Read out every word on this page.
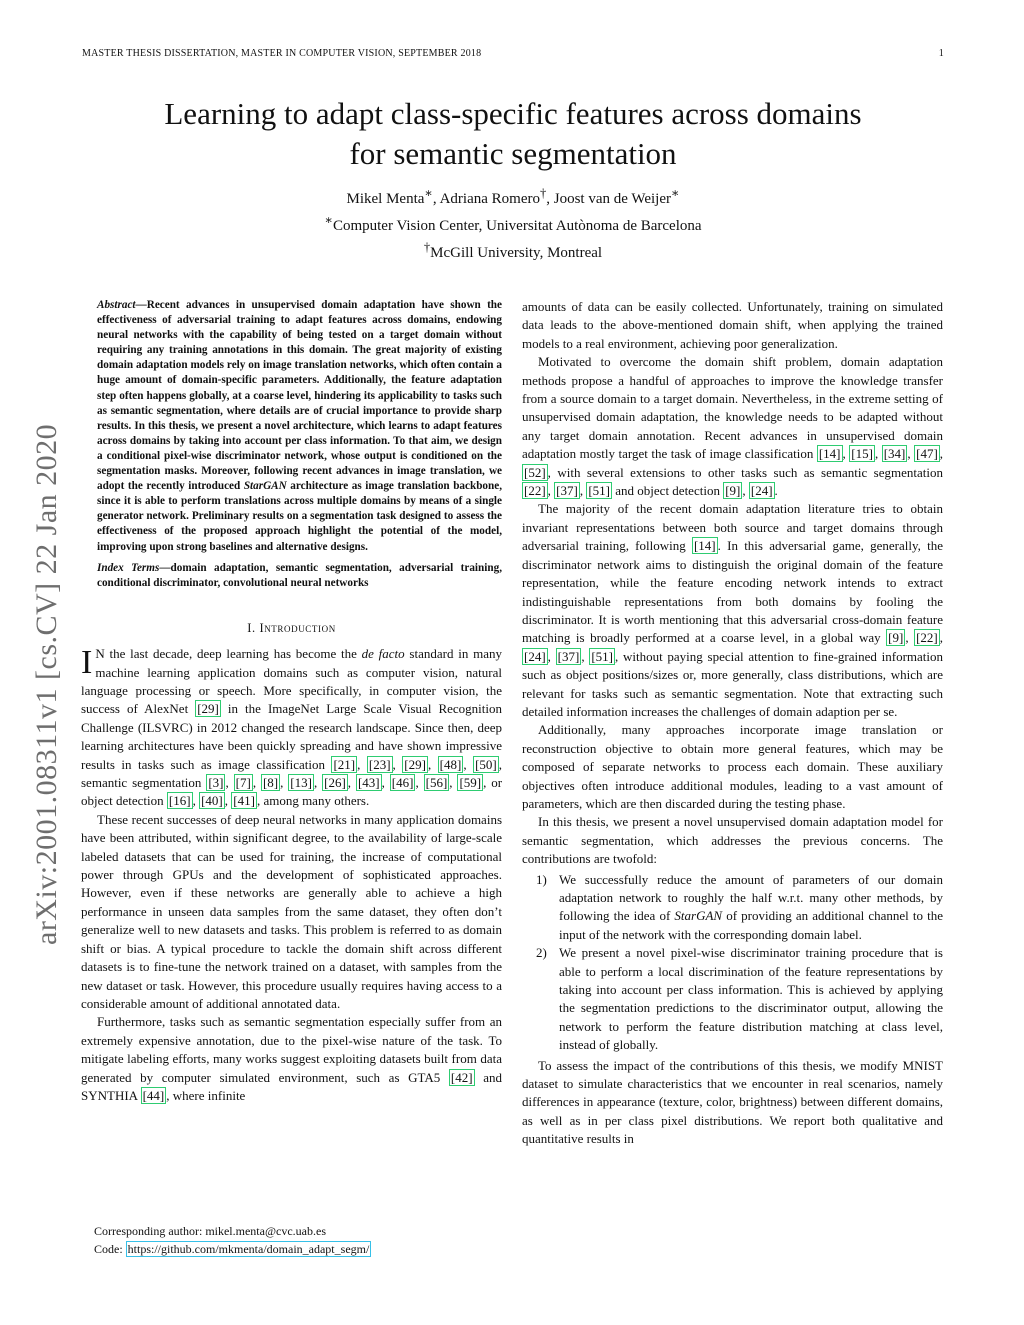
MASTER THESIS DISSERTATION, MASTER IN COMPUTER VISION, SEPTEMBER 2018	1
arXiv:2001.08311v1 [cs.CV] 22 Jan 2020
Learning to adapt class-specific features across domains
for semantic segmentation
Mikel Menta∗, Adriana Romero†, Joost van de Weijer∗
∗Computer Vision Center, Universitat Autònoma de Barcelona
†McGill University, Montreal
Abstract—Recent advances in unsupervised domain adaptation have shown the effectiveness of adversarial training to adapt features across domains, endowing neural networks with the capability of being tested on a target domain without requiring any training annotations in this domain. The great majority of existing domain adaptation models rely on image translation networks, which often contain a huge amount of domain-specific parameters. Additionally, the feature adaptation step often happens globally, at a coarse level, hindering its applicability to tasks such as semantic segmentation, where details are of crucial importance to provide sharp results. In this thesis, we present a novel architecture, which learns to adapt features across domains by taking into account per class information. To that aim, we design a conditional pixel-wise discriminator network, whose output is conditioned on the segmentation masks. Moreover, following recent advances in image translation, we adopt the recently introduced StarGAN architecture as image translation backbone, since it is able to perform translations across multiple domains by means of a single generator network. Preliminary results on a segmentation task designed to assess the effectiveness of the proposed approach highlight the potential of the model, improving upon strong baselines and alternative designs.
Index Terms—domain adaptation, semantic segmentation, adversarial training, conditional discriminator, convolutional neural networks
I. Introduction

I N the last decade, deep learning has become the de facto standard in many machine learning application domains such as computer vision, natural language processing or speech. More specifically, in computer vision, the success of AlexNet [29] in the ImageNet Large Scale Visual Recognition Challenge (ILSVRC) in 2012 changed the research landscape. Since then, deep learning architectures have been quickly spreading and have shown impressive results in tasks such as image classification [21] , [23] , [29] , [48] , [50] , semantic segmentation [3] , [7] , [8] , [13] , [26] , [43] , [46] , [56] , [59] , or object detection [16] , [40] , [41] , among many others.

These recent successes of deep neural networks in many application domains have been attributed, within significant degree, to the availability of large-scale labeled datasets that can be used for training, the increase of computational power through GPUs and the development of sophisticated approaches. However, even if these networks are generally able to achieve a high performance in unseen data samples from the same dataset, they often don’t generalize well to new datasets and tasks. This problem is referred to as domain shift or bias. A typical procedure to tackle the domain shift across different datasets is to fine-tune the network trained on a dataset, with samples from the new dataset or task. However, this procedure usually requires having access to a considerable amount of additional annotated data.

Furthermore, tasks such as semantic segmentation especially suffer from an extremely expensive annotation, due to the pixel-wise nature of the task. To mitigate labeling efforts, many works suggest exploiting datasets built from data generated by computer simulated environment, such as GTA5 [42] and SYNTHIA [44] , where infinite

amounts of data can be easily collected. Unfortunately, training on simulated data leads to the above-mentioned domain shift, when applying the trained models to a real environment, achieving poor generalization.

Motivated to overcome the domain shift problem, domain adaptation methods propose a handful of approaches to improve the knowledge transfer from a source domain to a target domain. Nevertheless, in the extreme setting of unsupervised domain adaptation, the knowledge needs to be adapted without any target domain annotation. Recent advances in unsupervised domain adaptation mostly target the task of image classification [14] , [15] , [34] , [47] , [52] , with several extensions to other tasks such as semantic segmentation [22] , [37] , [51] and object detection [9] , [24] .

The majority of the recent domain adaptation literature tries to obtain invariant representations between both source and target domains through adversarial training, following [14] . In this adversarial game, generally, the discriminator network aims to distinguish the original domain of the feature representation, while the feature encoding network intends to extract indistinguishable representations from both domains by fooling the discriminator. It is worth mentioning that this adversarial cross-domain feature matching is broadly performed at a coarse level, in a global way [9] , [22] , [24] , [37] , [51] , without paying special attention to fine-grained information such as object positions/sizes or, more generally, class distributions, which are relevant for tasks such as semantic segmentation. Note that extracting such detailed information increases the challenges of domain adaption per se.

Additionally, many approaches incorporate image translation or reconstruction objective to obtain more general features, which may be composed of separate networks to process each domain. These auxiliary objectives often introduce additional modules, leading to a vast amount of parameters, which are then discarded during the testing phase.

In this thesis, we present a novel unsupervised domain adaptation model for semantic segmentation, which addresses the previous concerns. The contributions are twofold:

1) We successfully reduce the amount of parameters of our domain adaptation network to roughly the half w.r.t. many other methods, by following the idea of StarGAN of providing an additional channel to the input of the network with the corresponding domain label.
2) We present a novel pixel-wise discriminator training procedure that is able to perform a local discrimination of the feature representations by taking into account per class information. This is achieved by applying the segmentation predictions to the discriminator output, allowing the network to perform the feature distribution matching at class level, instead of globally.

To assess the impact of the contributions of this thesis, we modify MNIST dataset to simulate characteristics that we encounter in real scenarios, namely differences in appearance (texture, color, brightness) between different domains, as well as in per class pixel distributions. We report both qualitative and quantitative results in

Corresponding author: mikel.menta@cvc.uab.es
Code: https://github.com/mkmenta/domain_adapt_segm/
